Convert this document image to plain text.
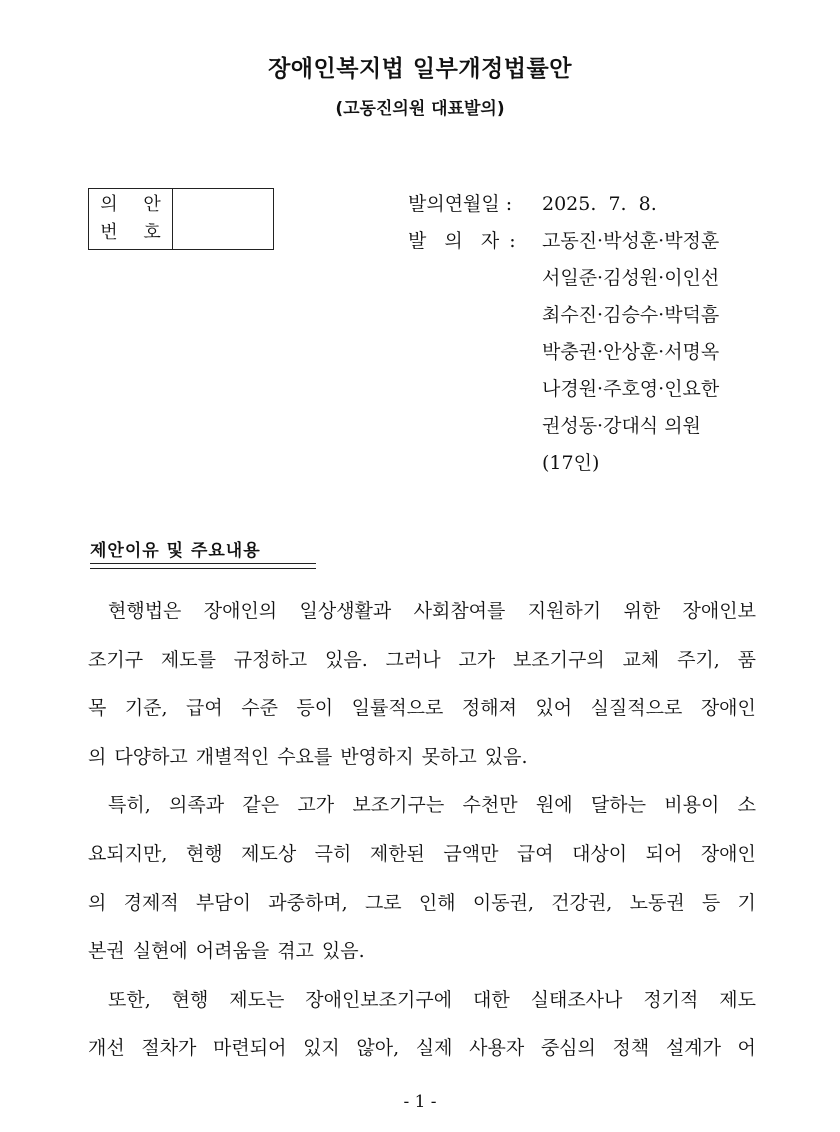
장애인복지법 일부개정법률안
(고동진의원 대표발의)
의 안
번 호
발의연월일 :	2025.  7.  8.
발  의  자 :	고동진·박성훈·박정훈
서일준·김성원·이인선
최수진·김승수·박덕흠
박충권·안상훈·서명옥
나경원·주호영·인요한
권성동·강대식 의원
(17인)
제안이유 및 주요내용
현행법은 장애인의 일상생활과 사회참여를 지원하기 위한 장애인보
조기구 제도를 규정하고 있음. 그러나 고가 보조기구의 교체 주기, 품
목 기준, 급여 수준 등이 일률적으로 정해져 있어 실질적으로 장애인
의 다양하고 개별적인 수요를 반영하지 못하고 있음.
특히, 의족과 같은 고가 보조기구는 수천만 원에 달하는 비용이 소
요되지만, 현행 제도상 극히 제한된 금액만 급여 대상이 되어 장애인
의 경제적 부담이 과중하며, 그로 인해 이동권, 건강권, 노동권 등 기
본권 실현에 어려움을 겪고 있음.
또한, 현행 제도는 장애인보조기구에 대한 실태조사나 정기적 제도
개선 절차가 마련되어 있지 않아, 실제 사용자 중심의 정책 설계가 어
- 1 -
